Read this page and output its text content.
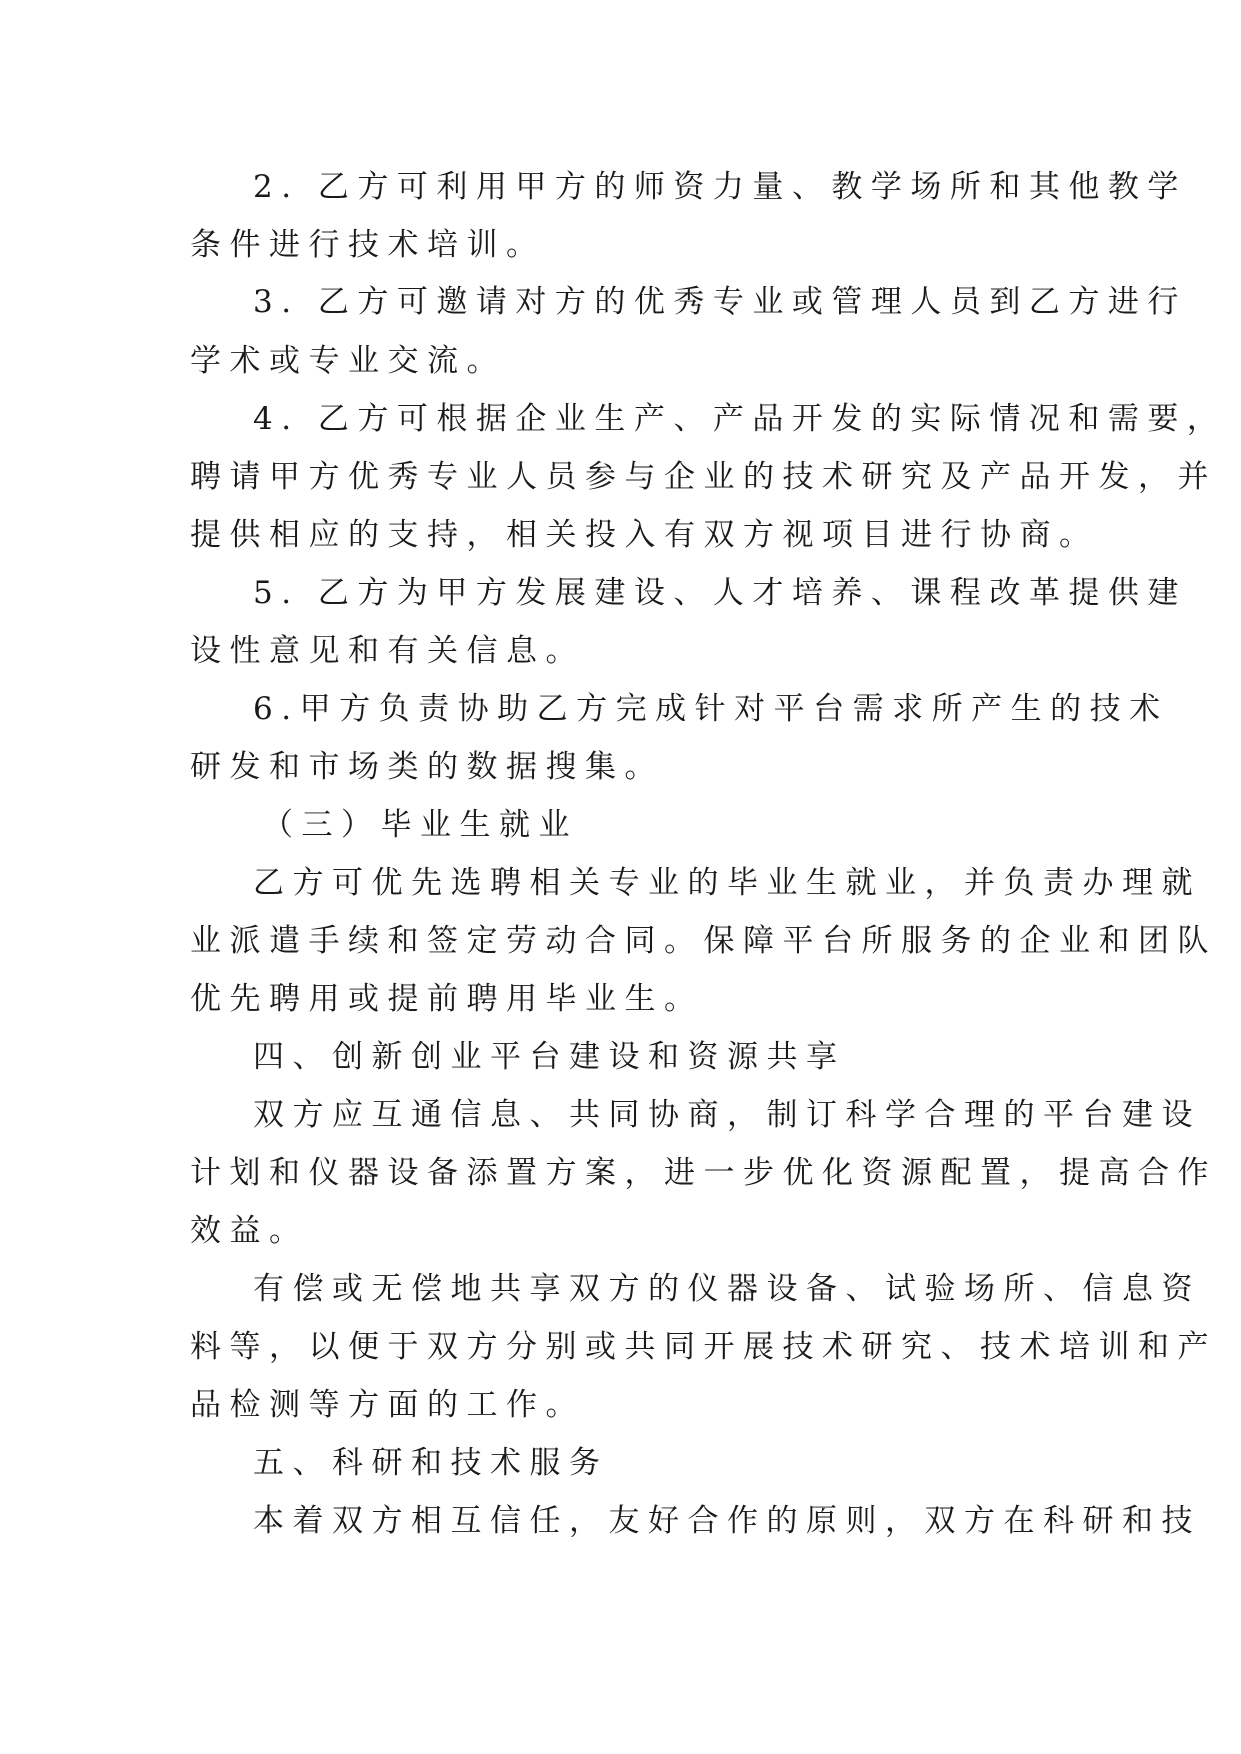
2. 乙方可利用甲方的师资力量、教学场所和其他教学
条件进行技术培训。
3. 乙方可邀请对方的优秀专业或管理人员到乙方进行
学术或专业交流。
4. 乙方可根据企业生产、产品开发的实际情况和需要，
聘请甲方优秀专业人员参与企业的技术研究及产品开发，并
提供相应的支持，相关投入有双方视项目进行协商。
5. 乙方为甲方发展建设、人才培养、课程改革提供建
设性意见和有关信息。
6.甲方负责协助乙方完成针对平台需求所产生的技术
研发和市场类的数据搜集。
（三）毕业生就业
乙方可优先选聘相关专业的毕业生就业，并负责办理就
业派遣手续和签定劳动合同。保障平台所服务的企业和团队
优先聘用或提前聘用毕业生。
四、创新创业平台建设和资源共享
双方应互通信息、共同协商，制订科学合理的平台建设
计划和仪器设备添置方案，进一步优化资源配置，提高合作
效益。
有偿或无偿地共享双方的仪器设备、试验场所、信息资
料等，以便于双方分别或共同开展技术研究、技术培训和产
品检测等方面的工作。
五、科研和技术服务
本着双方相互信任，友好合作的原则，双方在科研和技
